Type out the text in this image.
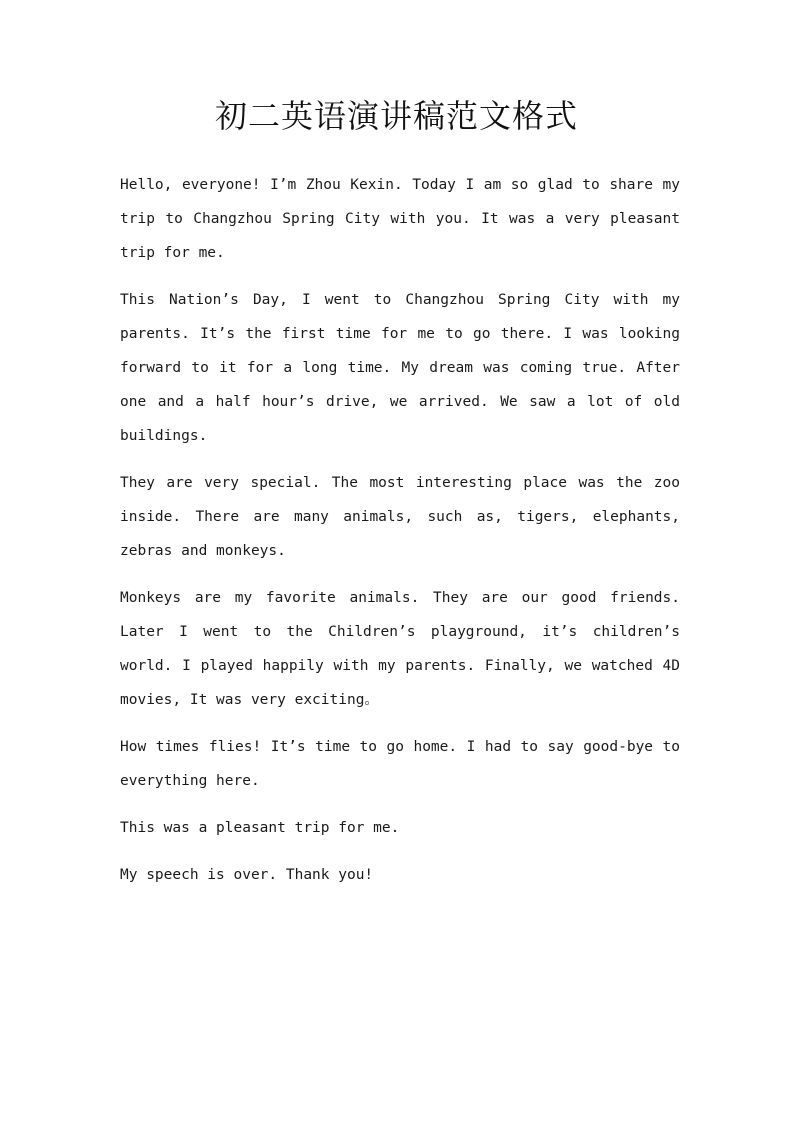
初二英语演讲稿范文格式

Hello, everyone! I’m Zhou Kexin. Today I am so glad to share my trip to Changzhou Spring City with you. It was a very pleasant trip for me.

This Nation’s Day, I went to Changzhou Spring City with my parents. It’s the first time for me to go there. I was looking forward to it for a long time. My dream was coming true. After one and a half hour’s drive, we arrived. We saw a lot of old buildings.

They are very special. The most interesting place was the zoo inside. There are many animals, such as, tigers, elephants, zebras and monkeys.

Monkeys are my favorite animals. They are our good friends. Later I went to the Children’s playground, it’s children’s world. I played happily with my parents. Finally, we watched 4D movies, It was very exciting。

How times flies! It’s time to go home. I had to say good-bye to everything here.

This was a pleasant trip for me.

My speech is over. Thank you!
